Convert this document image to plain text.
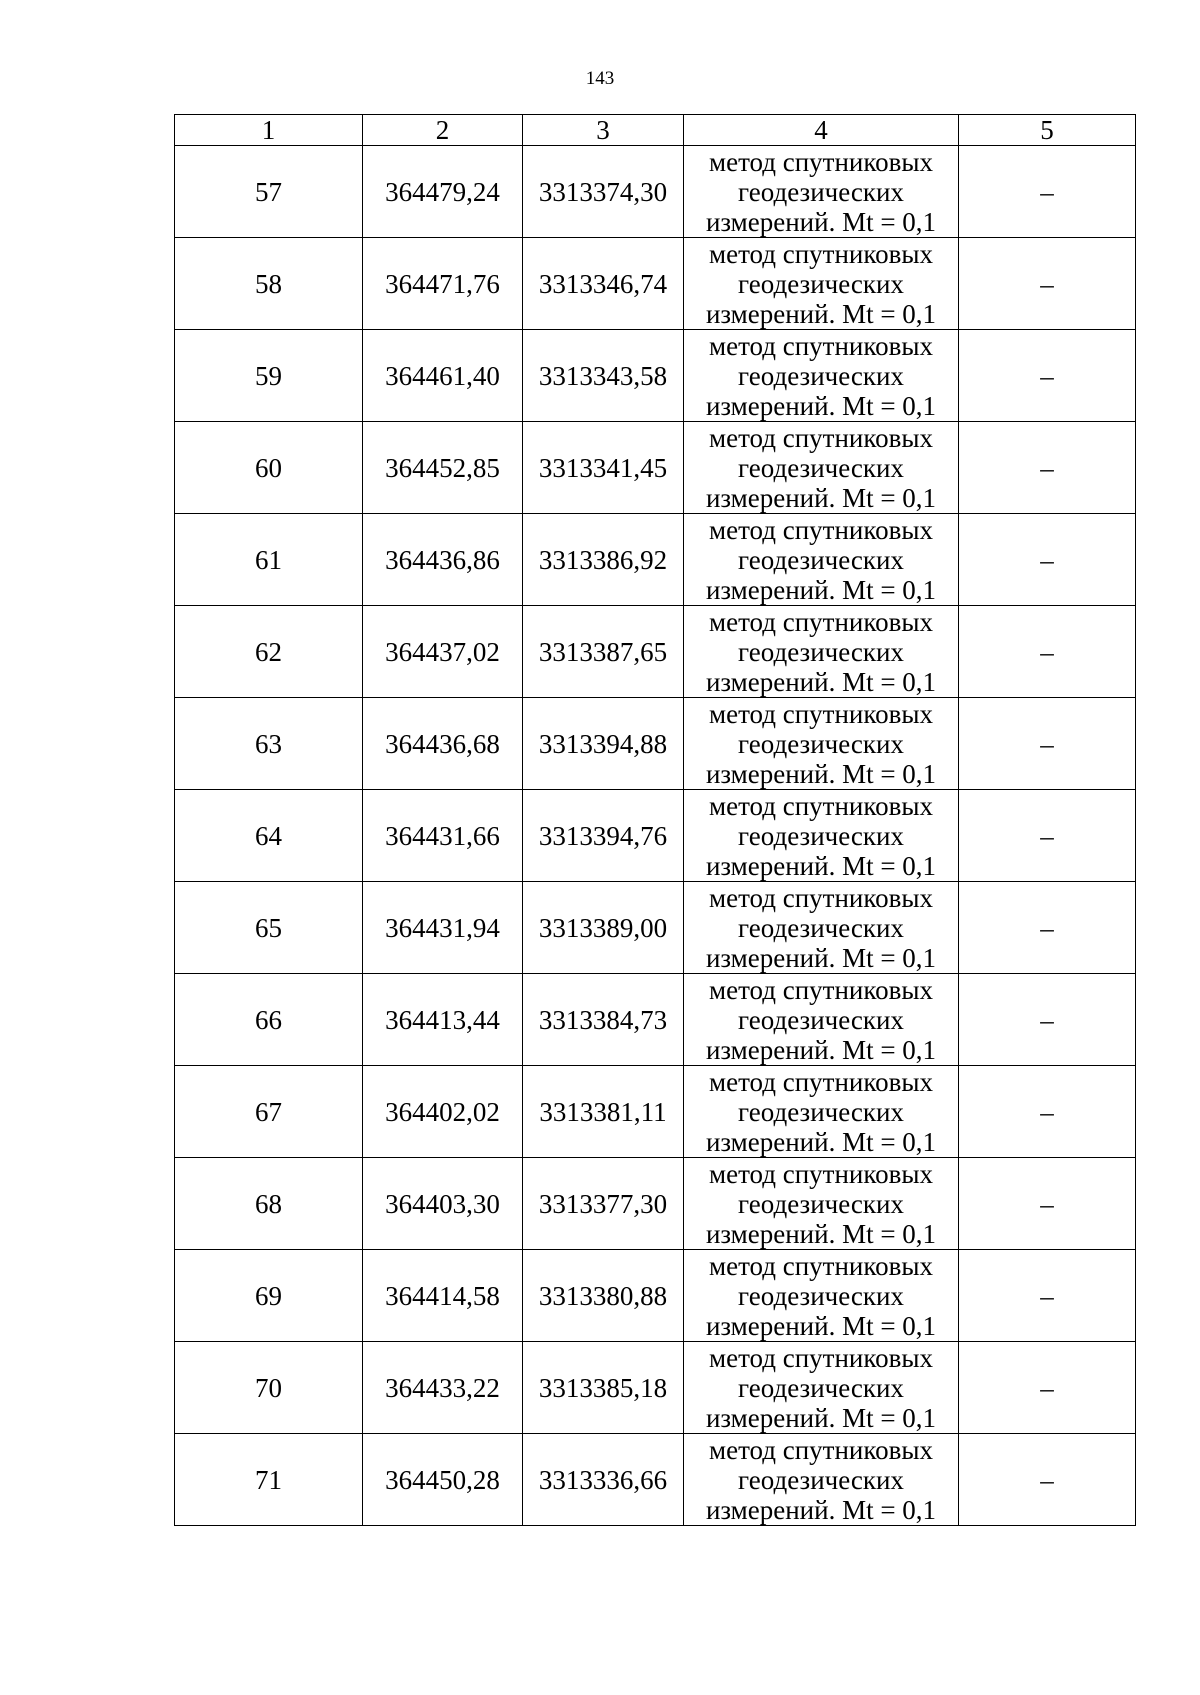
143
1	2	3	4	5
57	364479,24	3313374,30	метод спутниковых
геодезических
измерений. Mt = 0,1	–
58	364471,76	3313346,74	метод спутниковых
геодезических
измерений. Mt = 0,1	–
59	364461,40	3313343,58	метод спутниковых
геодезических
измерений. Mt = 0,1	–
60	364452,85	3313341,45	метод спутниковых
геодезических
измерений. Mt = 0,1	–
61	364436,86	3313386,92	метод спутниковых
геодезических
измерений. Mt = 0,1	–
62	364437,02	3313387,65	метод спутниковых
геодезических
измерений. Mt = 0,1	–
63	364436,68	3313394,88	метод спутниковых
геодезических
измерений. Mt = 0,1	–
64	364431,66	3313394,76	метод спутниковых
геодезических
измерений. Mt = 0,1	–
65	364431,94	3313389,00	метод спутниковых
геодезических
измерений. Mt = 0,1	–
66	364413,44	3313384,73	метод спутниковых
геодезических
измерений. Mt = 0,1	–
67	364402,02	3313381,11	метод спутниковых
геодезических
измерений. Mt = 0,1	–
68	364403,30	3313377,30	метод спутниковых
геодезических
измерений. Mt = 0,1	–
69	364414,58	3313380,88	метод спутниковых
геодезических
измерений. Mt = 0,1	–
70	364433,22	3313385,18	метод спутниковых
геодезических
измерений. Mt = 0,1	–
71	364450,28	3313336,66	метод спутниковых
геодезических
измерений. Mt = 0,1	–
